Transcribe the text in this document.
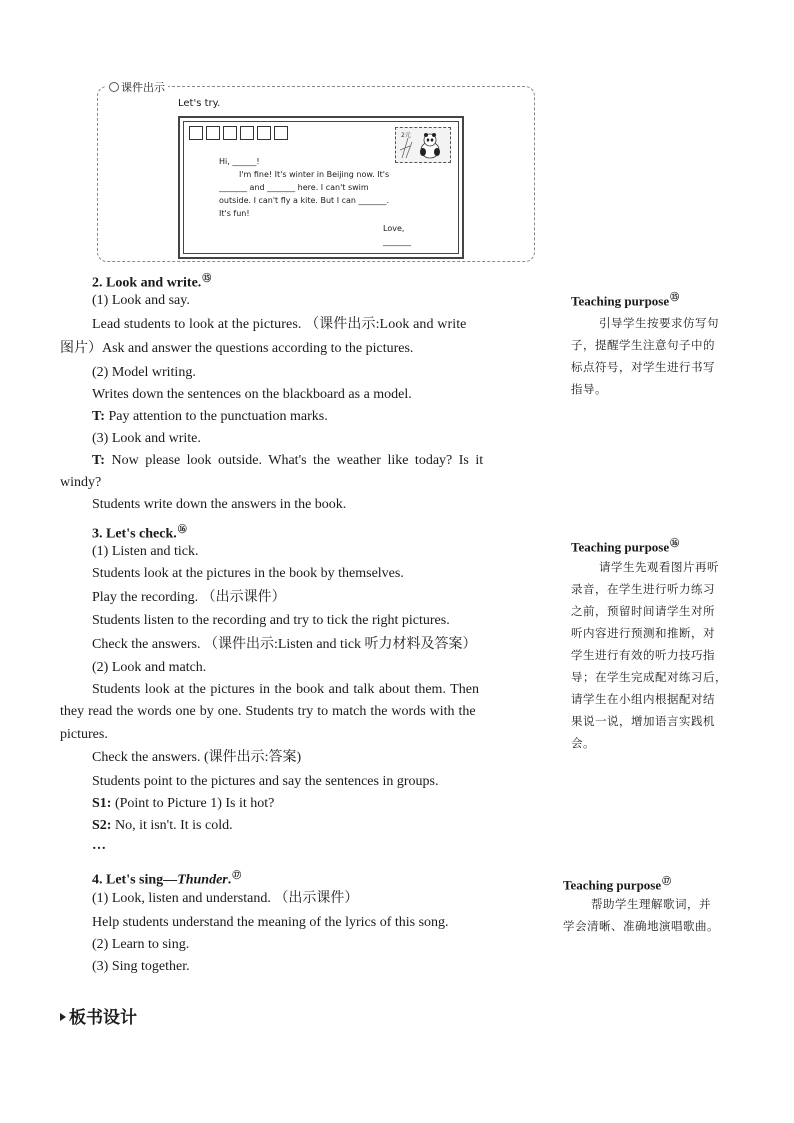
课件出示
Let's try.
2元
Hi, ______!
I'm fine! It's winter in Beijing now. It's
_______ and _______ here. I can't swim
outside. I can't fly a kite. But I can _______.
It's fun!
Love,
_______
2. Look and write.⑮
(1) Look and say.
Lead students to look at the pictures. （课件出示:Look and write
图片）Ask and answer the questions according to the pictures.
(2) Model writing.
Writes down the sentences on the blackboard as a model.
T: Pay attention to the punctuation marks.
(3) Look and write.
T: Now please look outside. What's the weather like today? Is it
windy?
Students write down the answers in the book.
3. Let's check.⑯
(1) Listen and tick.
Students look at the pictures in the book by themselves.
Play the recording. （出示课件）
Students listen to the recording and try to tick the right pictures.
Check the answers. （课件出示:Listen and tick 听力材料及答案）
(2) Look and match.
Students look at the pictures in the book and talk about them. Then
they read the words one by one. Students try to match the words with the
pictures.
Check the answers. (课件出示:答案)
Students point to the pictures and say the sentences in groups.
S1: (Point to Picture 1) Is it hot?
S2: No, it isn't. It is cold.
…
4. Let's sing—Thunder.⑰
(1) Look, listen and understand. （出示课件）
Help students understand the meaning of the lyrics of this song.
(2) Learn to sing.
(3) Sing together.
Teaching purpose⑮
引导学生按要求仿写句
子，提醒学生注意句子中的
标点符号，对学生进行书写
指导。
Teaching purpose⑯
请学生先观看图片再听
录音，在学生进行听力练习
之前，预留时间请学生对所
听内容进行预测和推断，对
学生进行有效的听力技巧指
导；在学生完成配对练习后，
请学生在小组内根据配对结
果说一说，增加语言实践机
会。
Teaching purpose⑰
帮助学生理解歌词，并
学会清晰、准确地演唱歌曲。
板书设计
